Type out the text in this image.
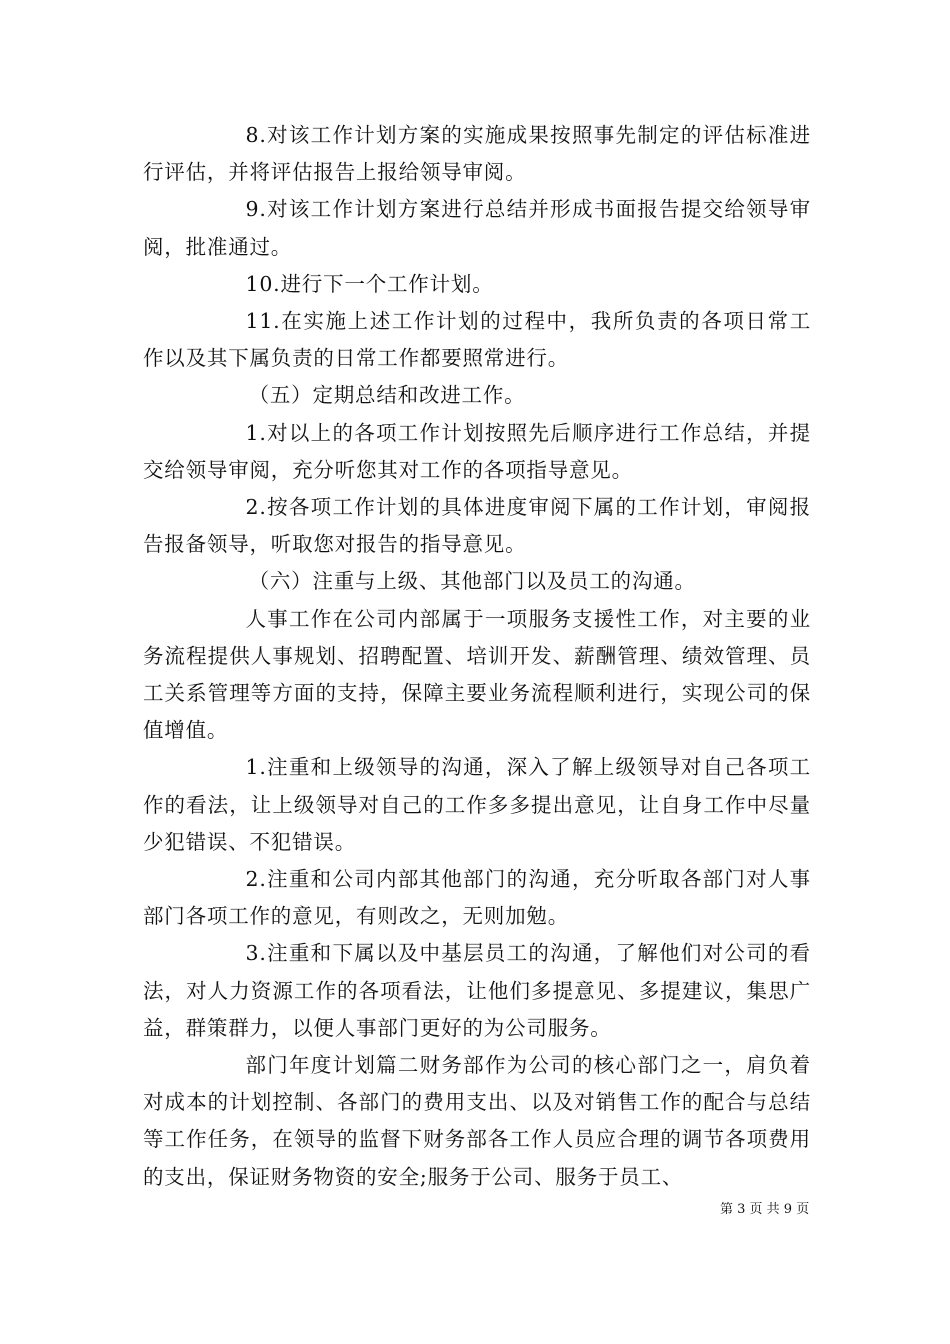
8.对该工作计划方案的实施成果按照事先制定的评估标准进行评估，并将评估报告上报给领导审阅。

9.对该工作计划方案进行总结并形成书面报告提交给领导审阅，批准通过。

10.进行下一个工作计划。

11.在实施上述工作计划的过程中，我所负责的各项日常工作以及其下属负责的日常工作都要照常进行。

（五）定期总结和改进工作。

1.对以上的各项工作计划按照先后顺序进行工作总结，并提交给领导审阅，充分听您其对工作的各项指导意见。

2.按各项工作计划的具体进度审阅下属的工作计划，审阅报告报备领导，听取您对报告的指导意见。

（六）注重与上级、其他部门以及员工的沟通。

人事工作在公司内部属于一项服务支援性工作，对主要的业务流程提供人事规划、招聘配置、培训开发、薪酬管理、绩效管理、员工关系管理等方面的支持，保障主要业务流程顺利进行，实现公司的保值增值。

1.注重和上级领导的沟通，深入了解上级领导对自己各项工作的看法，让上级领导对自己的工作多多提出意见，让自身工作中尽量少犯错误、不犯错误。

2.注重和公司内部其他部门的沟通，充分听取各部门对人事部门各项工作的意见，有则改之，无则加勉。

3.注重和下属以及中基层员工的沟通，了解他们对公司的看法，对人力资源工作的各项看法，让他们多提意见、多提建议，集思广益，群策群力，以便人事部门更好的为公司服务。

部门年度计划篇二财务部作为公司的核心部门之一，肩负着对成本的计划控制、各部门的费用支出、以及对销售工作的配合与总结等工作任务，在领导的监督下财务部各工作人员应合理的调节各项费用的支出，保证财务物资的安全;服务于公司、服务于员工、

第 3 页 共 9 页
